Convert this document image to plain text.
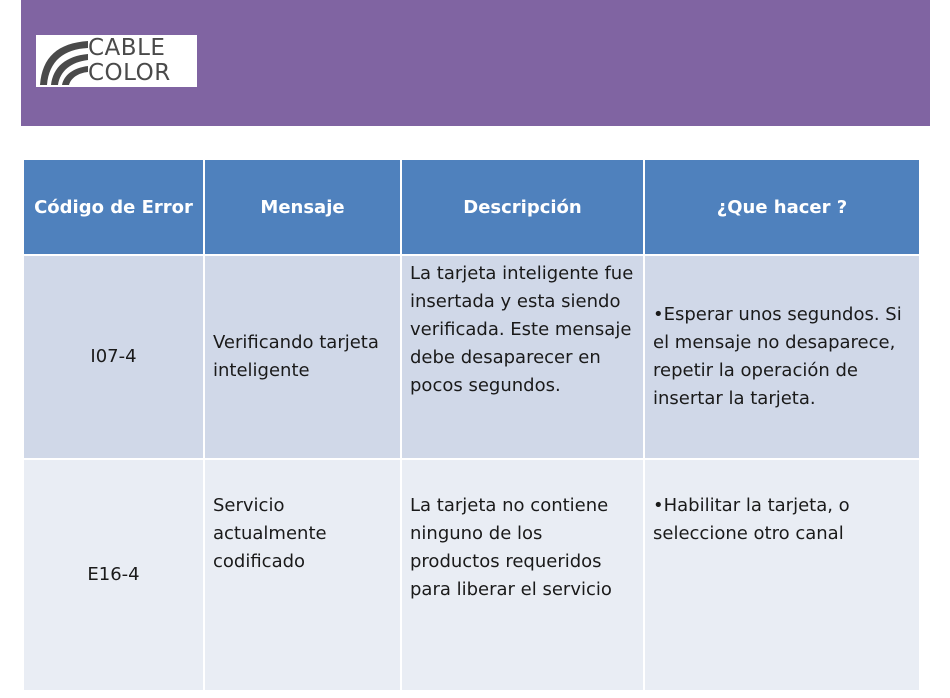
CABLE
COLOR
Código de Error	Mensaje	Descripción	¿Que hacer ?
I07-4	Verificando tarjeta inteligente	La tarjeta inteligente fue insertada y esta siendo verificada. Este mensaje debe desaparecer en pocos segundos.	•Esperar unos segundos. Si el mensaje no desaparece, repetir la operación de insertar la tarjeta.
E16-4	Servicio actualmente codificado	La tarjeta no contiene ninguno de los productos requeridos para liberar el servicio	•Habilitar la tarjeta, o seleccione otro canal
